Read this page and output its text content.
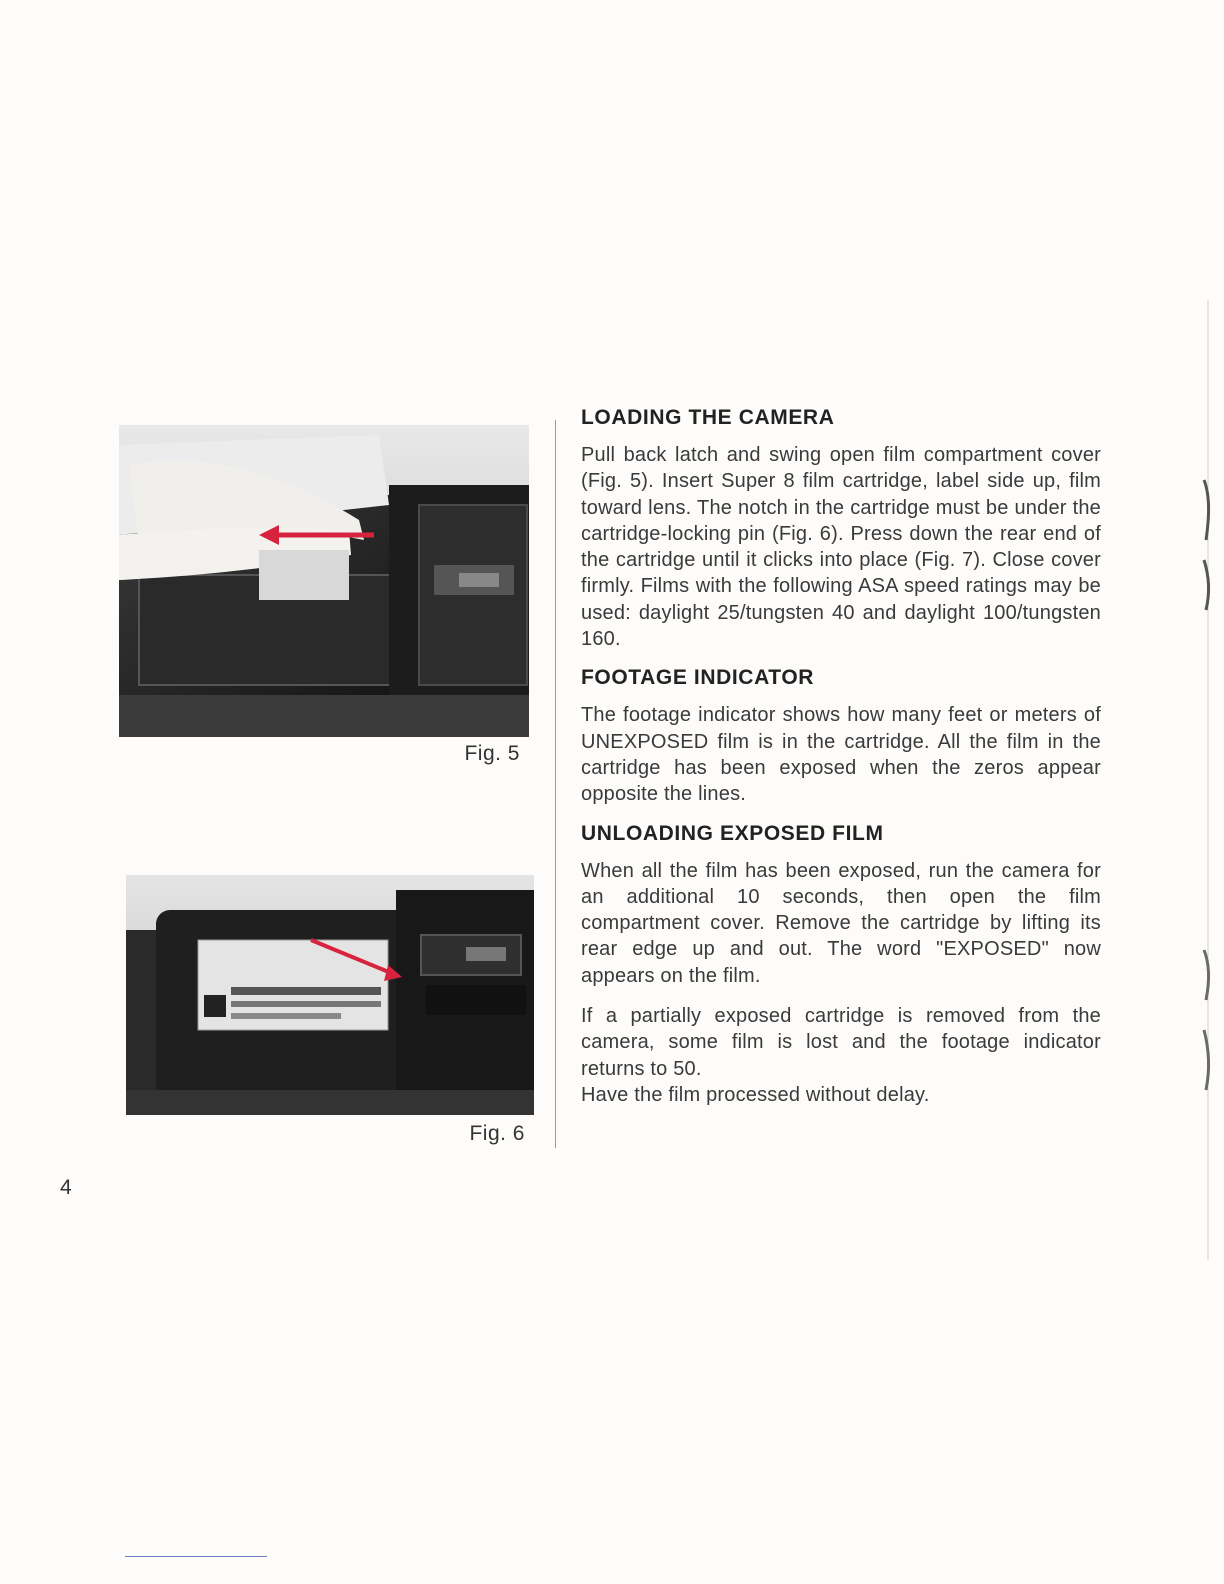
Fig. 5
Fig. 6
LOADING THE CAMERA

Pull back latch and swing open film compartment cover (Fig. 5). Insert Super 8 film cartridge, label side up, film toward lens. The notch in the cartridge must be under the cartridge-locking pin (Fig. 6). Press down the rear end of the cartridge until it clicks into place (Fig. 7). Close cover firmly. Films with the following ASA speed ratings may be used: daylight 25/tungsten 40 and daylight 100/tungsten 160.

FOOTAGE INDICATOR

The footage indicator shows how many feet or meters of UNEXPOSED film is in the cartridge. All the film in the cartridge has been exposed when the zeros appear opposite the lines.

UNLOADING EXPOSED FILM

When all the film has been exposed, run the camera for an additional 10 seconds, then open the film compartment cover. Remove the cartridge by lifting its rear edge up and out. The word "EXPOSED" now appears on the film.

If a partially exposed cartridge is removed from the camera, some film is lost and the footage indicator returns to 50.

Have the film processed without delay.

4
